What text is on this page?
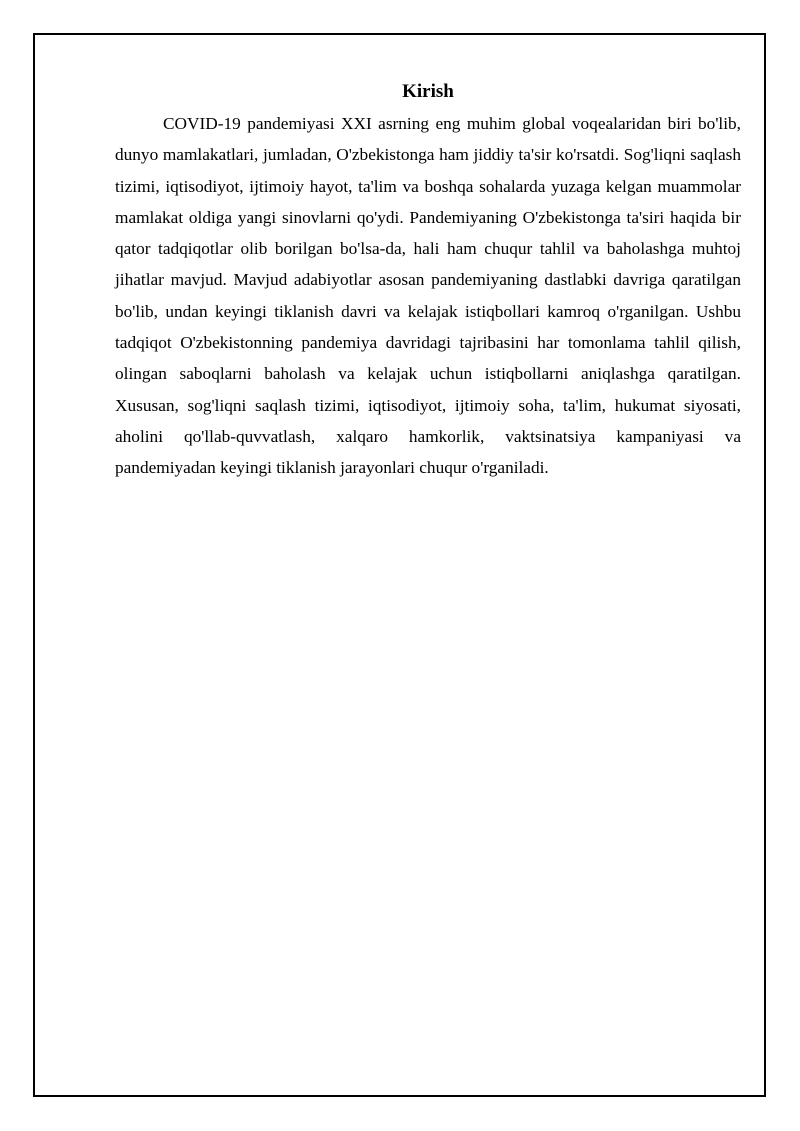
Kirish

COVID-19 pandemiyasi XXI asrning eng muhim global voqealaridan biri bo'lib, dunyo mamlakatlari, jumladan, O'zbekistonga ham jiddiy ta'sir ko'rsatdi. Sog'liqni saqlash tizimi, iqtisodiyot, ijtimoiy hayot, ta'lim va boshqa sohalarda yuzaga kelgan muammolar mamlakat oldiga yangi sinovlarni qo'ydi. Pandemiyaning O'zbekistonga ta'siri haqida bir qator tadqiqotlar olib borilgan bo'lsa-da, hali ham chuqur tahlil va baholashga muhtoj jihatlar mavjud. Mavjud adabiyotlar asosan pandemiyaning dastlabki davriga qaratilgan bo'lib, undan keyingi tiklanish davri va kelajak istiqbollari kamroq o'rganilgan. Ushbu tadqiqot O'zbekistonning pandemiya davridagi tajribasini har tomonlama tahlil qilish, olingan saboqlarni baholash va kelajak uchun istiqbollarni aniqlashga qaratilgan. Xususan, sog'liqni saqlash tizimi, iqtisodiyot, ijtimoiy soha, ta'lim, hukumat siyosati, aholini qo'llab-quvvatlash, xalqaro hamkorlik, vaktsinatsiya kampaniyasi va pandemiyadan keyingi tiklanish jarayonlari chuqur o'rganiladi.
